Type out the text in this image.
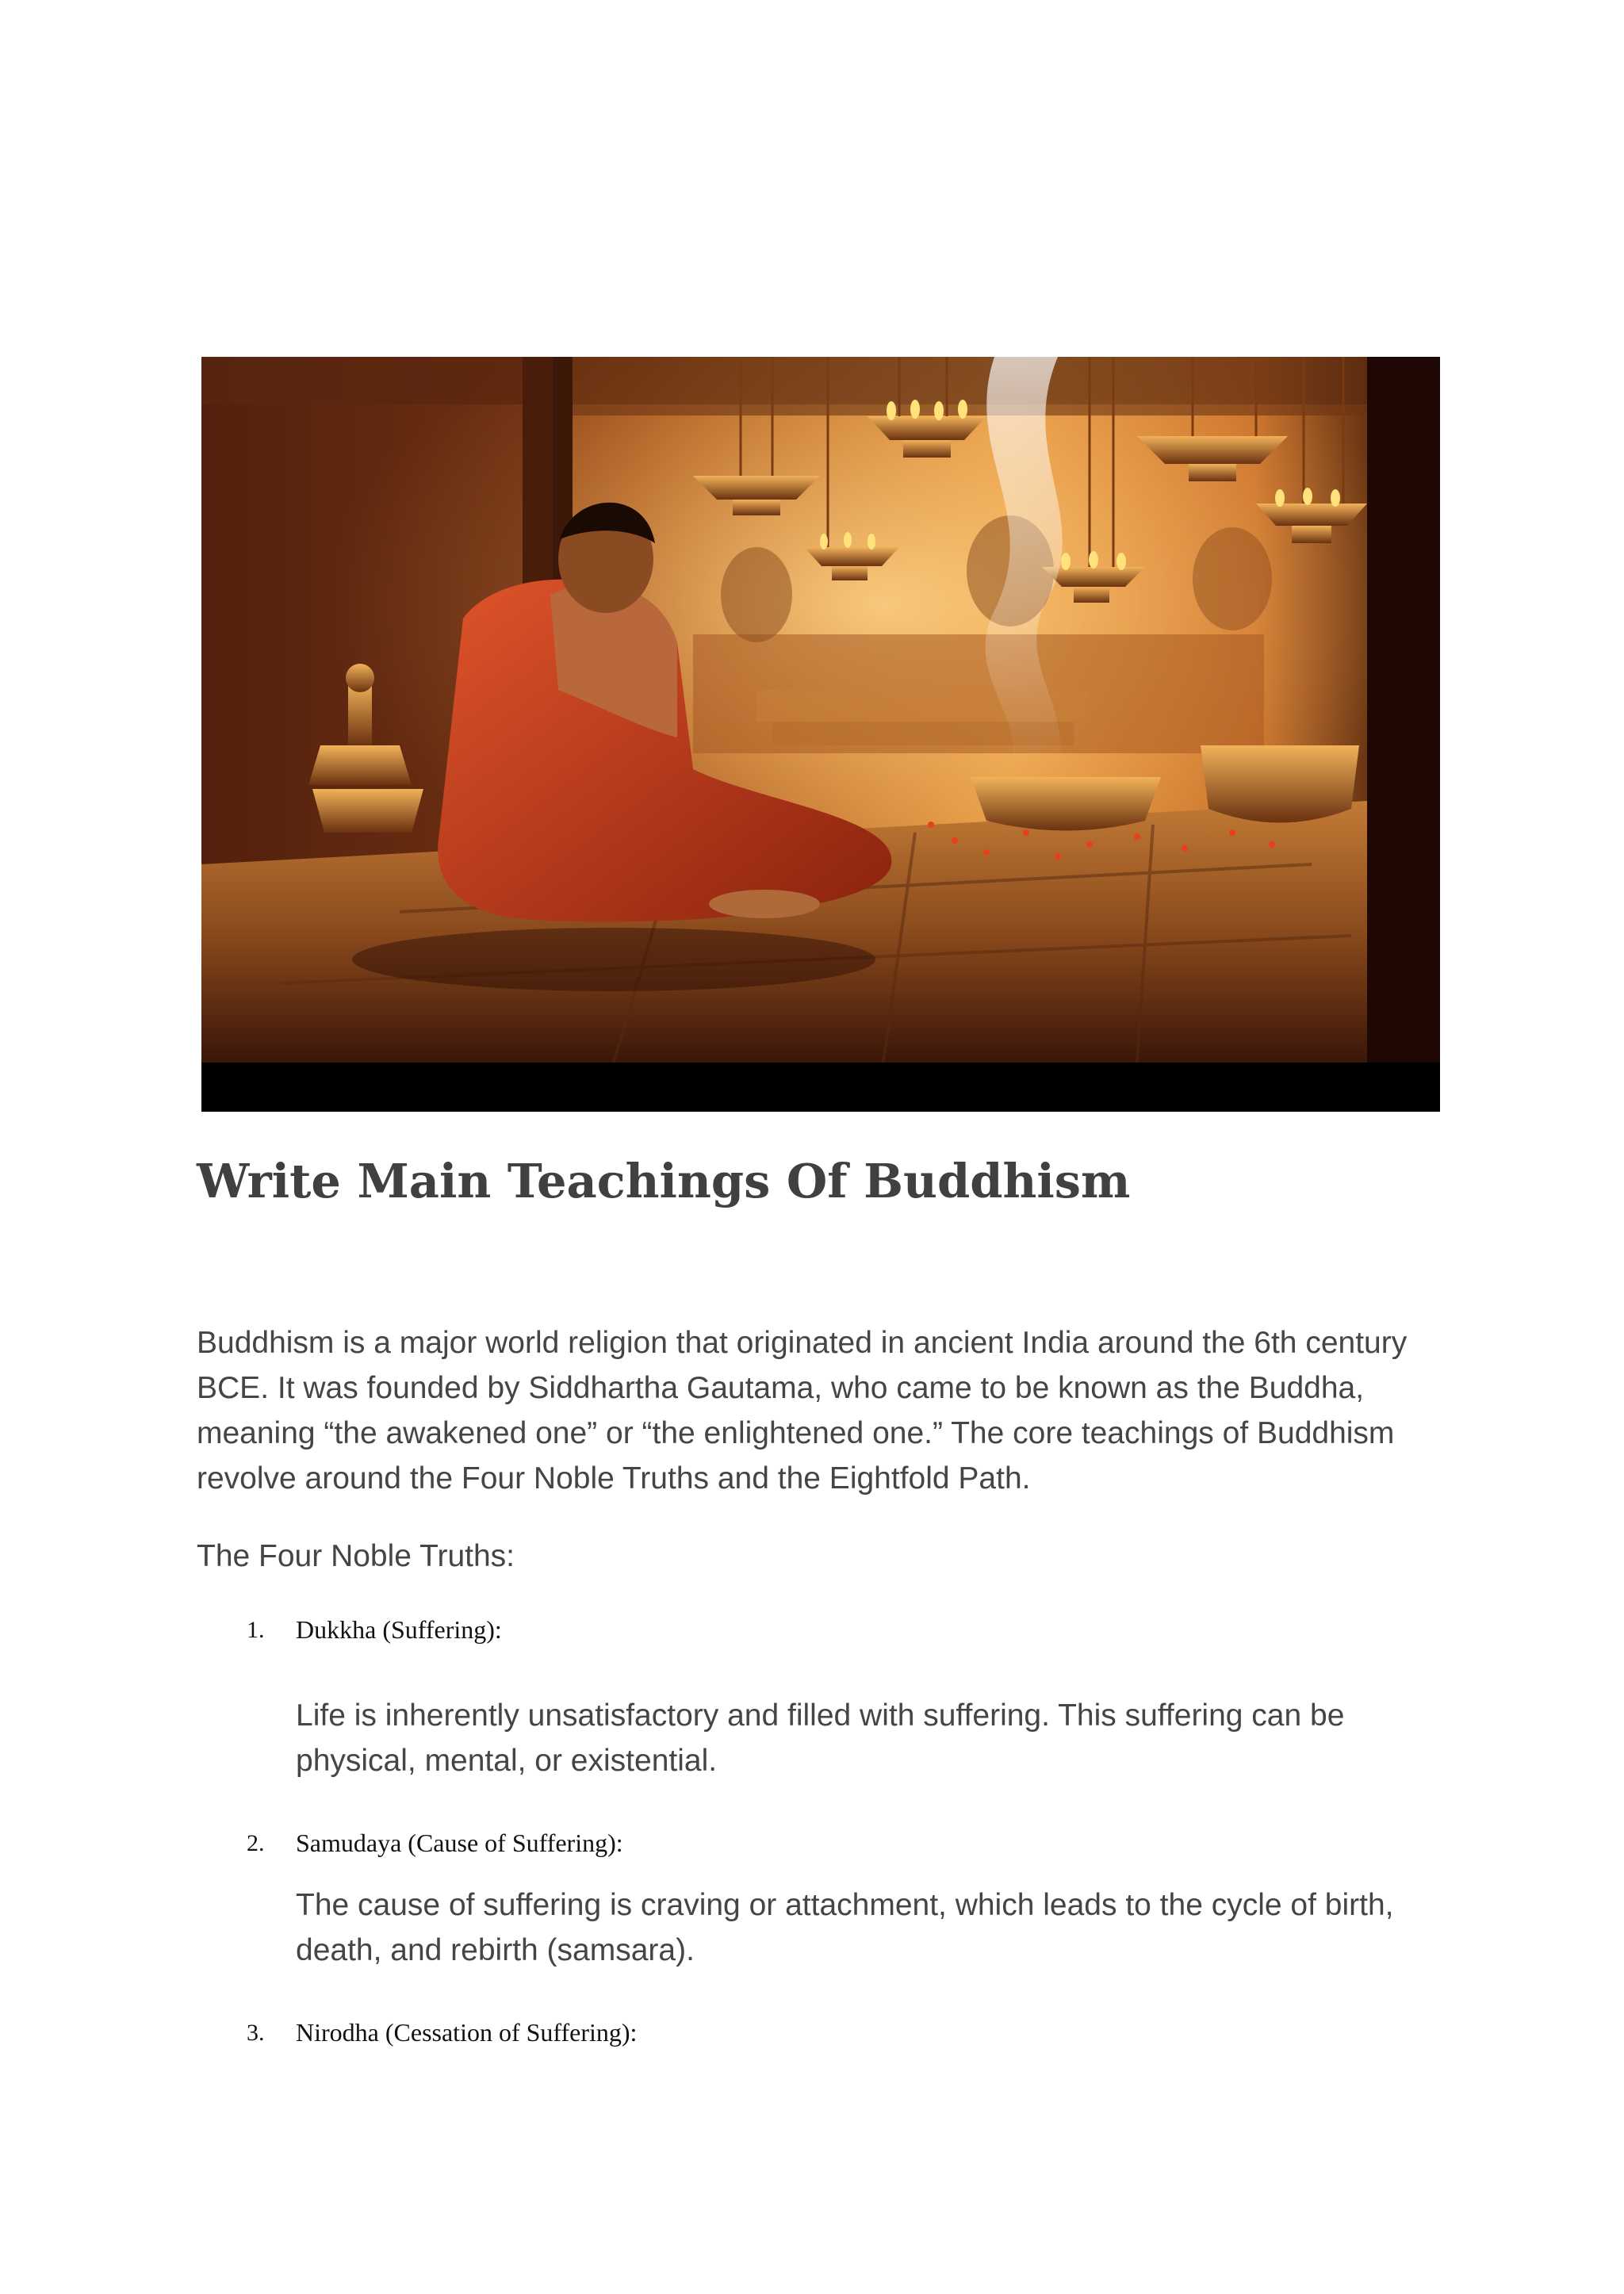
Write Main Teachings Of Buddhism

Buddhism is a major world religion that originated in ancient India around the 6th century BCE. It was founded by Siddhartha Gautama, who came to be known as the Buddha, meaning “the awakened one” or “the enlightened one.” The core teachings of Buddhism revolve around the Four Noble Truths and the Eightfold Path.

The Four Noble Truths:

1. Dukkha (Suffering):

Life is inherently unsatisfactory and filled with suffering. This suffering can be physical, mental, or existential.

2. Samudaya (Cause of Suffering):

The cause of suffering is craving or attachment, which leads to the cycle of birth, death, and rebirth (samsara).

3. Nirodha (Cessation of Suffering):
